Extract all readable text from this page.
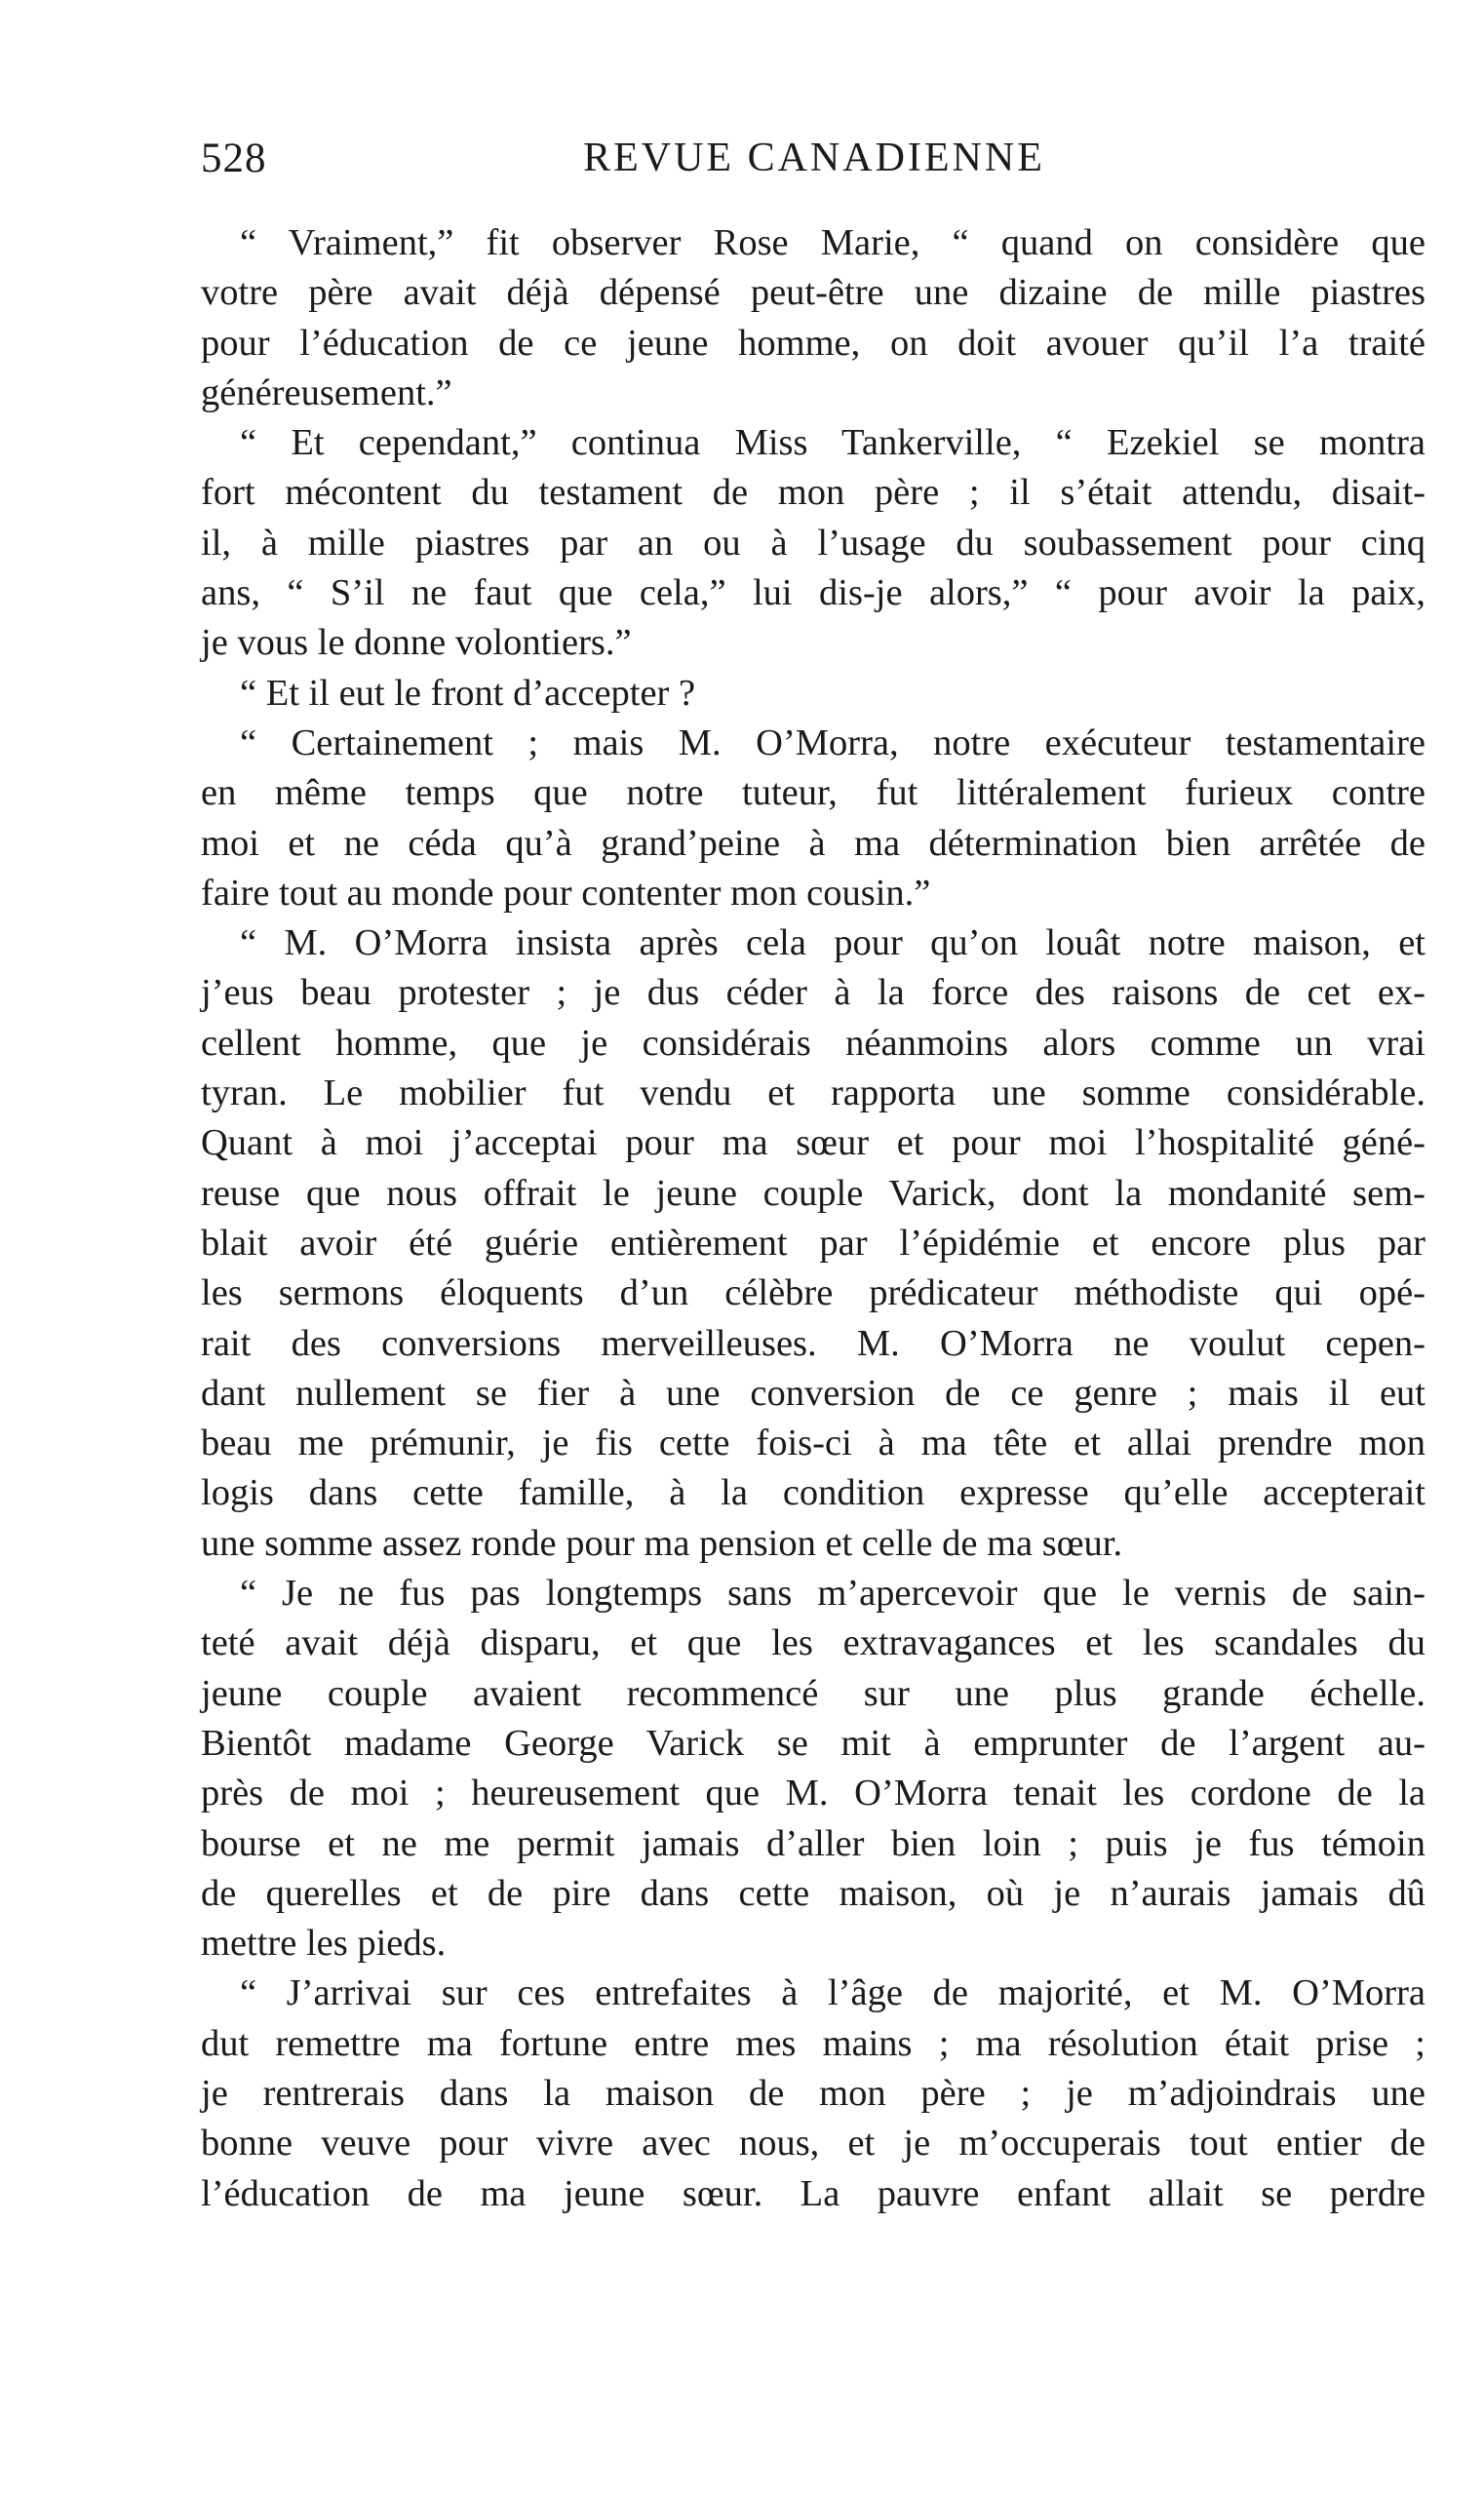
528	REVUE CANADIENNE
“ Vraiment,” fit observer Rose Marie, “ quand on considère que
votre père avait déjà dépensé peut-être une dizaine de mille piastres
pour l’éducation de ce jeune homme, on doit avouer qu’il l’a traité
généreusement.”
“ Et cependant,” continua Miss Tankerville, “ Ezekiel se montra
fort mécontent du testament de mon père ; il s’était attendu, disait-
il, à mille piastres par an ou à l’usage du soubassement pour cinq
ans, “ S’il ne faut que cela,” lui dis-je alors,” “ pour avoir la paix,
je vous le donne volontiers.”
“ Et il eut le front d’accepter ?
“ Certainement ; mais M. O’Morra, notre exécuteur testamentaire
en même temps que notre tuteur, fut littéralement furieux contre
moi et ne céda qu’à grand’peine à ma détermination bien arrêtée de
faire tout au monde pour contenter mon cousin.”
“ M. O’Morra insista après cela pour qu’on louât notre maison, et
j’eus beau protester ; je dus céder à la force des raisons de cet ex-
cellent homme, que je considérais néanmoins alors comme un vrai
tyran. Le mobilier fut vendu et rapporta une somme considérable.
Quant à moi j’acceptai pour ma sœur et pour moi l’hospitalité géné-
reuse que nous offrait le jeune couple Varick, dont la mondanité sem-
blait avoir été guérie entièrement par l’épidémie et encore plus par
les sermons éloquents d’un célèbre prédicateur méthodiste qui opé-
rait des conversions merveilleuses. M. O’Morra ne voulut cepen-
dant nullement se fier à une conversion de ce genre ; mais il eut
beau me prémunir, je fis cette fois-ci à ma tête et allai prendre mon
logis dans cette famille, à la condition expresse qu’elle accepterait
une somme assez ronde pour ma pension et celle de ma sœur.
“ Je ne fus pas longtemps sans m’apercevoir que le vernis de sain-
teté avait déjà disparu, et que les extravagances et les scandales du
jeune couple avaient recommencé sur une plus grande échelle.
Bientôt madame George Varick se mit à emprunter de l’argent au-
près de moi ; heureusement que M. O’Morra tenait les cordone de la
bourse et ne me permit jamais d’aller bien loin ; puis je fus témoin
de querelles et de pire dans cette maison, où je n’aurais jamais dû
mettre les pieds.
“ J’arrivai sur ces entrefaites à l’âge de majorité, et M. O’Morra
dut remettre ma fortune entre mes mains ; ma résolution était prise ;
je rentrerais dans la maison de mon père ; je m’adjoindrais une
bonne veuve pour vivre avec nous, et je m’occuperais tout entier de
l’éducation de ma jeune sœur. La pauvre enfant allait se perdre
